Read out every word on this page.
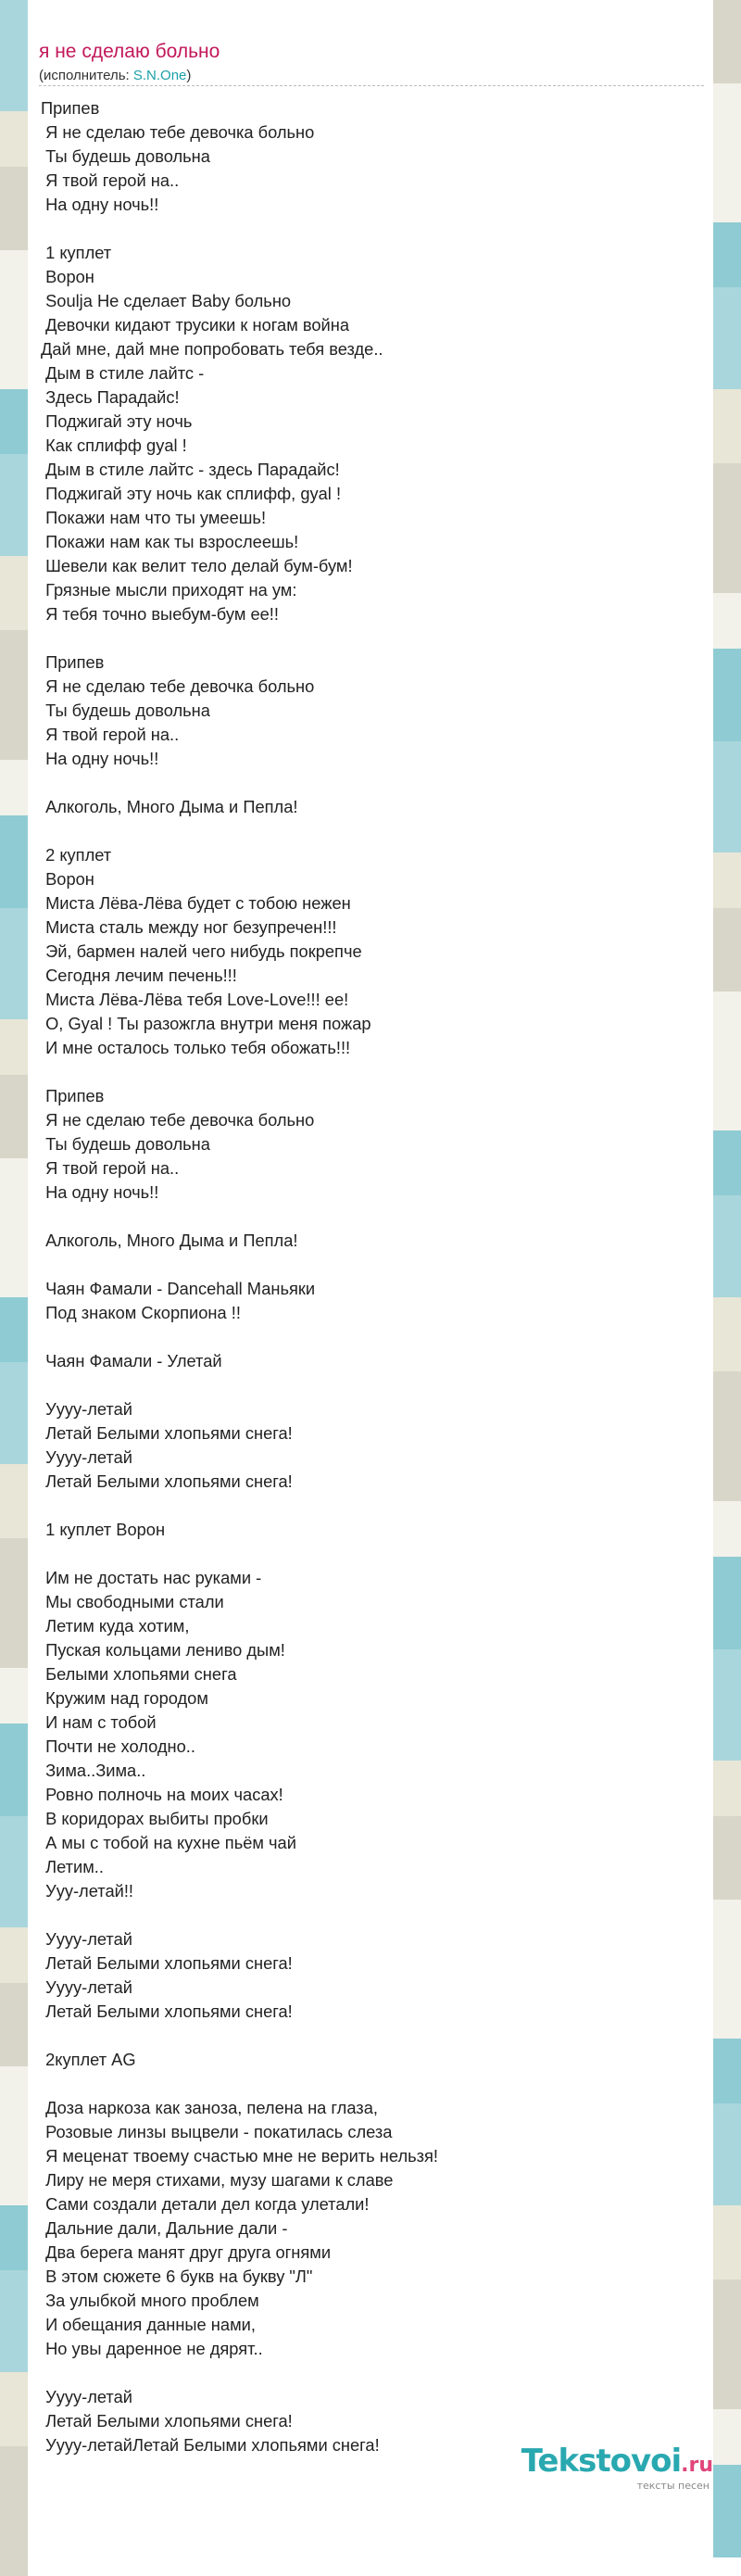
я не сделаю больно
(исполнитель: S.N.One)
Припев
Я не сделаю тебе девочка больно
Ты будешь довольна
Я твой герой на..
На одну ночь!!
1 куплет
Ворон
Soulja Не сделает Baby больно
Девочки кидают трусики к ногам война
Дай мне, дай мне попробовать тебя везде..
Дым в стиле лайтс -
Здесь Парадайс!
Поджигай эту ночь
Как сплифф gyal !
Дым в стиле лайтс - здесь Парадайс!
Поджигай эту ночь как сплифф, gyal !
Покажи нам что ты умеешь!
Покажи нам как ты взрослеешь!
Шевели как велит тело делай бум-бум!
Грязные мысли приходят на ум:
Я тебя точно выебум-бум ее!!
Припев
Я не сделаю тебе девочка больно
Ты будешь довольна
Я твой герой на..
На одну ночь!!
Алкоголь, Много Дыма и Пепла!
2 куплет
Ворон
Миста Лёва-Лёва будет с тобою нежен
Миста сталь между ног безупречен!!!
Эй, бармен налей чего нибудь покрепче
Сегодня лечим печень!!!
Миста Лёва-Лёва тебя Love-Love!!! ее!
О, Gyal ! Ты разожгла внутри меня пожар
И мне осталось только тебя обожать!!!
Припев
Я не сделаю тебе девочка больно
Ты будешь довольна
Я твой герой на..
На одну ночь!!
Алкоголь, Много Дыма и Пепла!
Чаян Фамали - Dancehall Маньяки
Под знаком Скорпиона !!
Чаян Фамали - Улетай
Уууу-летай
Летай Белыми хлопьями снега!
Уууу-летай
Летай Белыми хлопьями снега!
1 куплет Ворон
Им не достать нас руками -
Мы свободными стали
Летим куда хотим,
Пуская кольцами лениво дым!
Белыми хлопьями снега
Кружим над городом
И нам с тобой
Почти не холодно..
Зима..Зима..
Ровно полночь на моих часах!
В коридорах выбиты пробки
А мы с тобой на кухне пьём чай
Летим..
Ууу-летай!!
Уууу-летай
Летай Белыми хлопьями снега!
Уууу-летай
Летай Белыми хлопьями снега!
2куплет AG
Доза наркоза как заноза, пелена на глаза,
Розовые линзы выцвели - покатилась слеза
Я меценат твоему счастью мне не верить нельзя!
Лиру не меря стихами, музу шагами к славе
Сами создали детали дел когда улетали!
Дальние дали, Дальние дали -
Два берега манят друг друга огнями
В этом сюжете 6 букв на букву "Л"
За улыбкой много проблем
И обещания данные нами,
Но увы даренное не дярят..
Уууу-летай
Летай Белыми хлопьями снега!
Уууу-летайЛетай Белыми хлопьями снега!	Tekstovoi.ru
тексты песен
